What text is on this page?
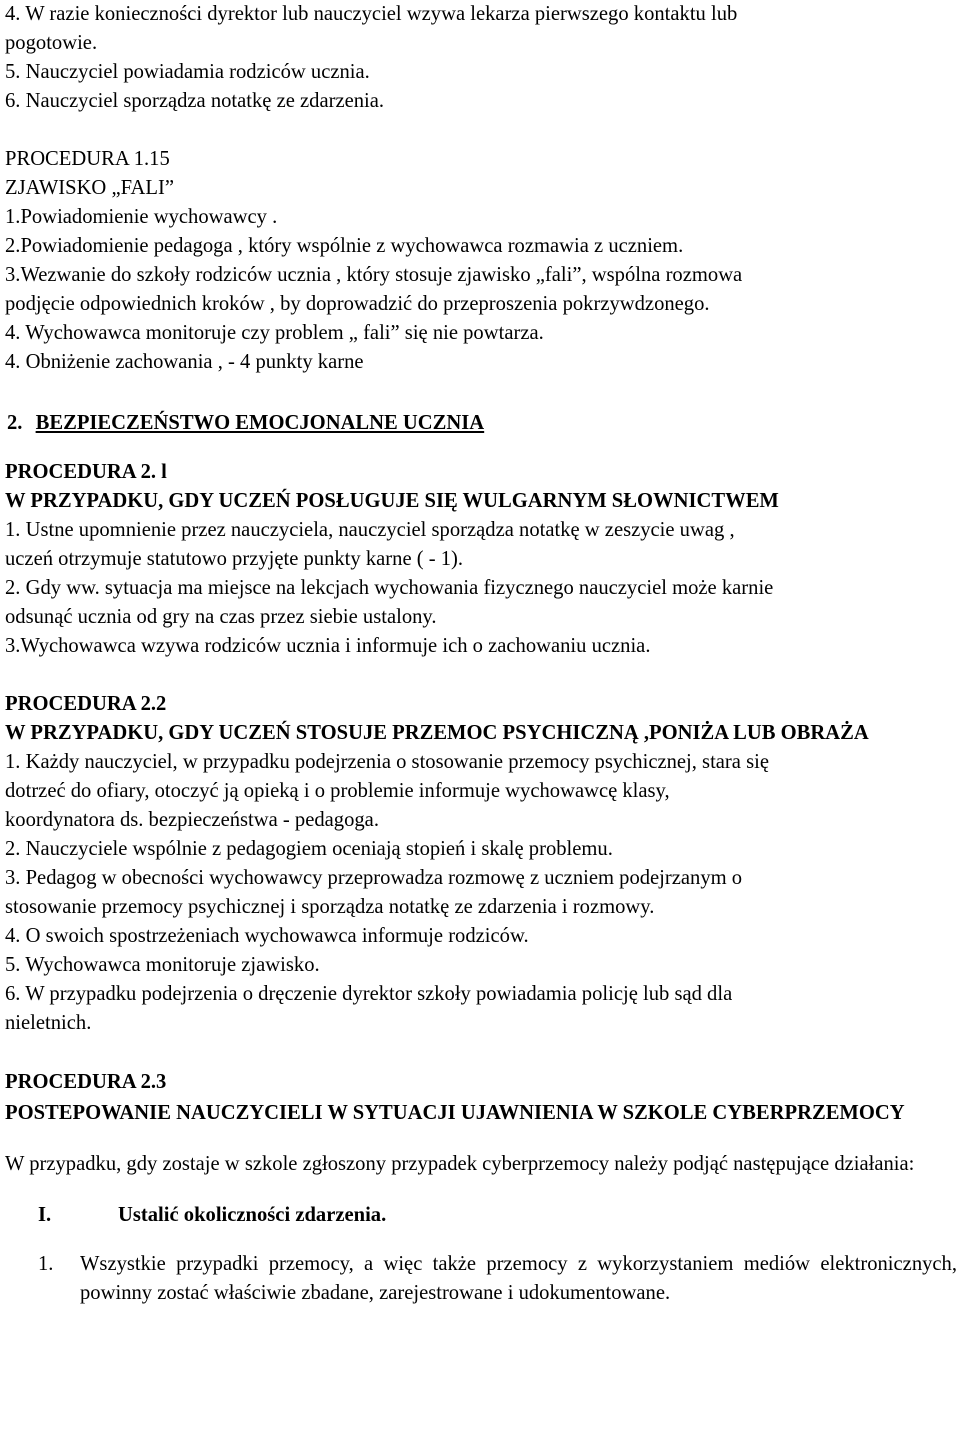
4. W razie konieczności dyrektor lub nauczyciel wzywa lekarza pierwszego kontaktu lub
pogotowie.
5. Nauczyciel powiadamia rodziców ucznia.
6. Nauczyciel sporządza notatkę ze zdarzenia.
PROCEDURA 1.15
ZJAWISKO „FALI”
1.Powiadomienie wychowawcy .
2.Powiadomienie pedagoga , który wspólnie z wychowawca rozmawia z uczniem.
3.Wezwanie do szkoły rodziców ucznia , który stosuje zjawisko „fali”, wspólna rozmowa
podjęcie odpowiednich kroków , by doprowadzić do przeproszenia pokrzywdzonego.
4. Wychowawca monitoruje czy problem „ fali” się nie powtarza.
4. Obniżenie zachowania , - 4 punkty karne
2. BEZPIECZEŃSTWO EMOCJONALNE UCZNIA
PROCEDURA 2. l
W PRZYPADKU, GDY UCZEŃ POSŁUGUJE SIĘ WULGARNYM SŁOWNICTWEM
1. Ustne upomnienie przez nauczyciela, nauczyciel sporządza notatkę w zeszycie uwag ,
uczeń otrzymuje statutowo przyjęte punkty karne ( - 1).
2. Gdy ww. sytuacja ma miejsce na lekcjach wychowania fizycznego nauczyciel może karnie
odsunąć ucznia od gry na czas przez siebie ustalony.
3.Wychowawca wzywa rodziców ucznia i informuje ich o zachowaniu ucznia.
PROCEDURA 2.2
W PRZYPADKU, GDY UCZEŃ STOSUJE PRZEMOC PSYCHICZNĄ ,PONIŻA LUB OBRAŻA
1. Każdy nauczyciel, w przypadku podejrzenia o stosowanie przemocy psychicznej, stara się
dotrzeć do ofiary, otoczyć ją opieką i o problemie informuje wychowawcę klasy,
koordynatora ds. bezpieczeństwa - pedagoga.
2. Nauczyciele wspólnie z pedagogiem oceniają stopień i skalę problemu.
3. Pedagog w obecności wychowawcy przeprowadza rozmowę z uczniem podejrzanym o
stosowanie przemocy psychicznej i sporządza notatkę ze zdarzenia i rozmowy.
4. O swoich spostrzeżeniach wychowawca informuje rodziców.
5. Wychowawca monitoruje zjawisko.
6. W przypadku podejrzenia o dręczenie dyrektor szkoły powiadamia policję lub sąd dla
nieletnich.
PROCEDURA 2.3
POSTEPOWANIE NAUCZYCIELI W SYTUACJI UJAWNIENIA W SZKOLE CYBERPRZEMOCY
W przypadku, gdy zostaje w szkole zgłoszony przypadek cyberprzemocy należy podjąć następujące działania:
I.	Ustalić okoliczności zdarzenia.
1.	Wszystkie przypadki przemocy, a więc także przemocy z wykorzystaniem mediów elektronicznych, powinny zostać właściwie zbadane, zarejestrowane i udokumentowane.
